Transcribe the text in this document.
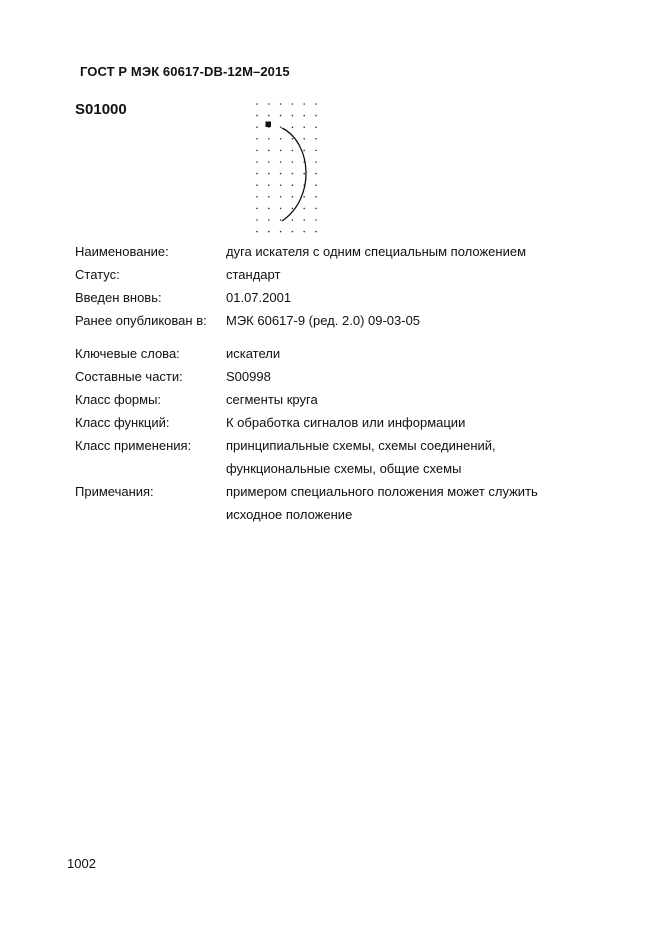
ГОСТ Р МЭК 60617-DB-12M–2015
S01000
Наименование:	дуга искателя с одним специальным положением
Статус:	стандарт
Введен вновь:	01.07.2001
Ранее опубликован в:	МЭК 60617-9 (ред. 2.0) 09-03-05
Ключевые слова:	искатели
Составные части:	S00998
Класс формы:	сегменты круга
Класс функций:	К обработка сигналов или информации
Класс применения:	принципиальные схемы, схемы соединений,
функциональные схемы, общие схемы
Примечания:	примером специального положения может служить
исходное положение
1002
